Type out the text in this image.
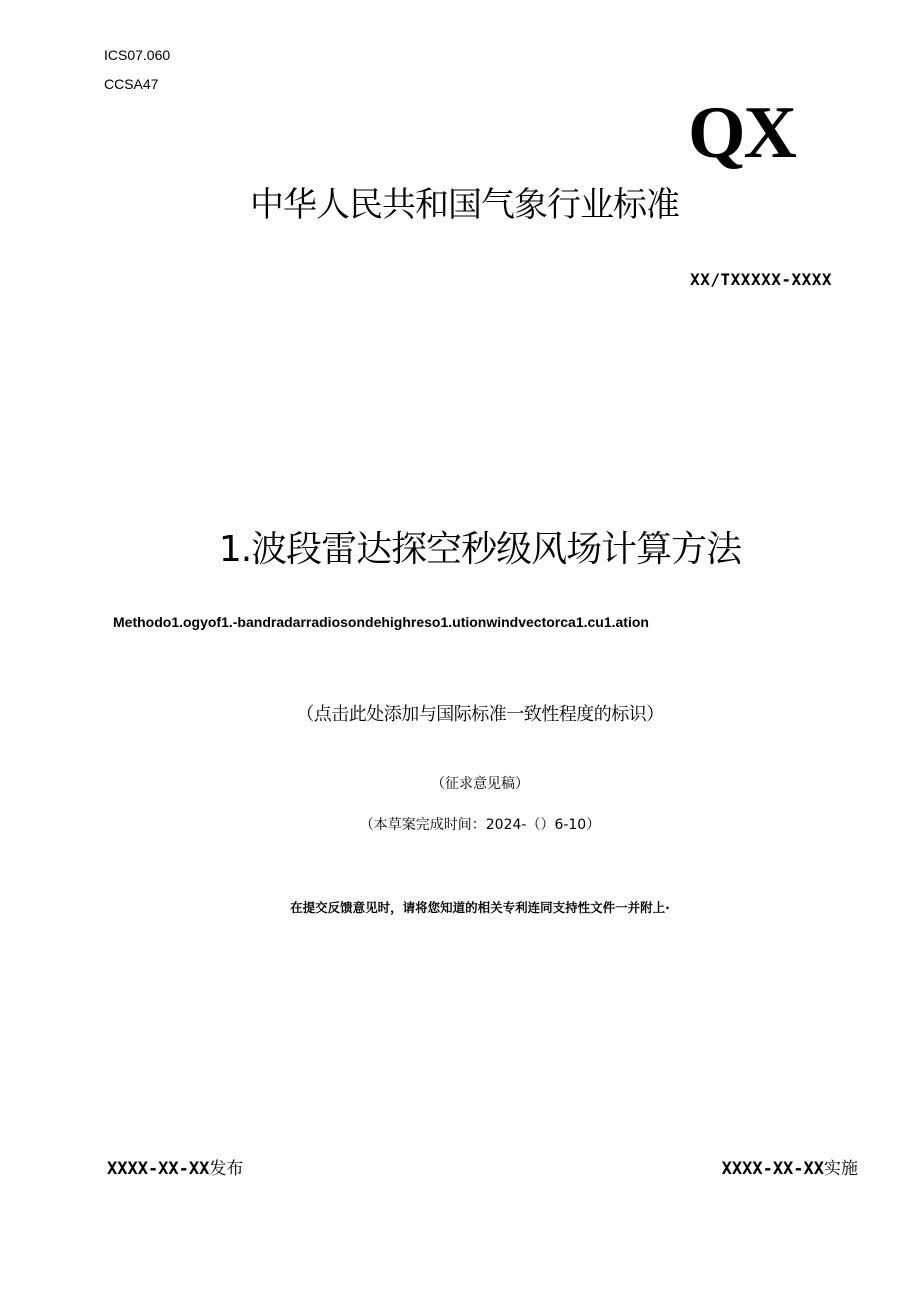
ICS07.060
CCSA47
QX
中华人民共和国气象行业标准
XX/TXXXXX-XXXX
1.波段雷达探空秒级风场计算方法
Methodo1.ogyof1.-bandradarradiosondehighreso1.utionwindvectorca1.cu1.ation
（点击此处添加与国际标准一致性程度的标识）
（征求意见稿）
（本草案完成时间：2024-（）6-10）
在提交反馈意见时，请将您知道的相关专利连同支持性文件一并附上·
XXXX-XX-XX发布	XXXX-XX-XX实施
